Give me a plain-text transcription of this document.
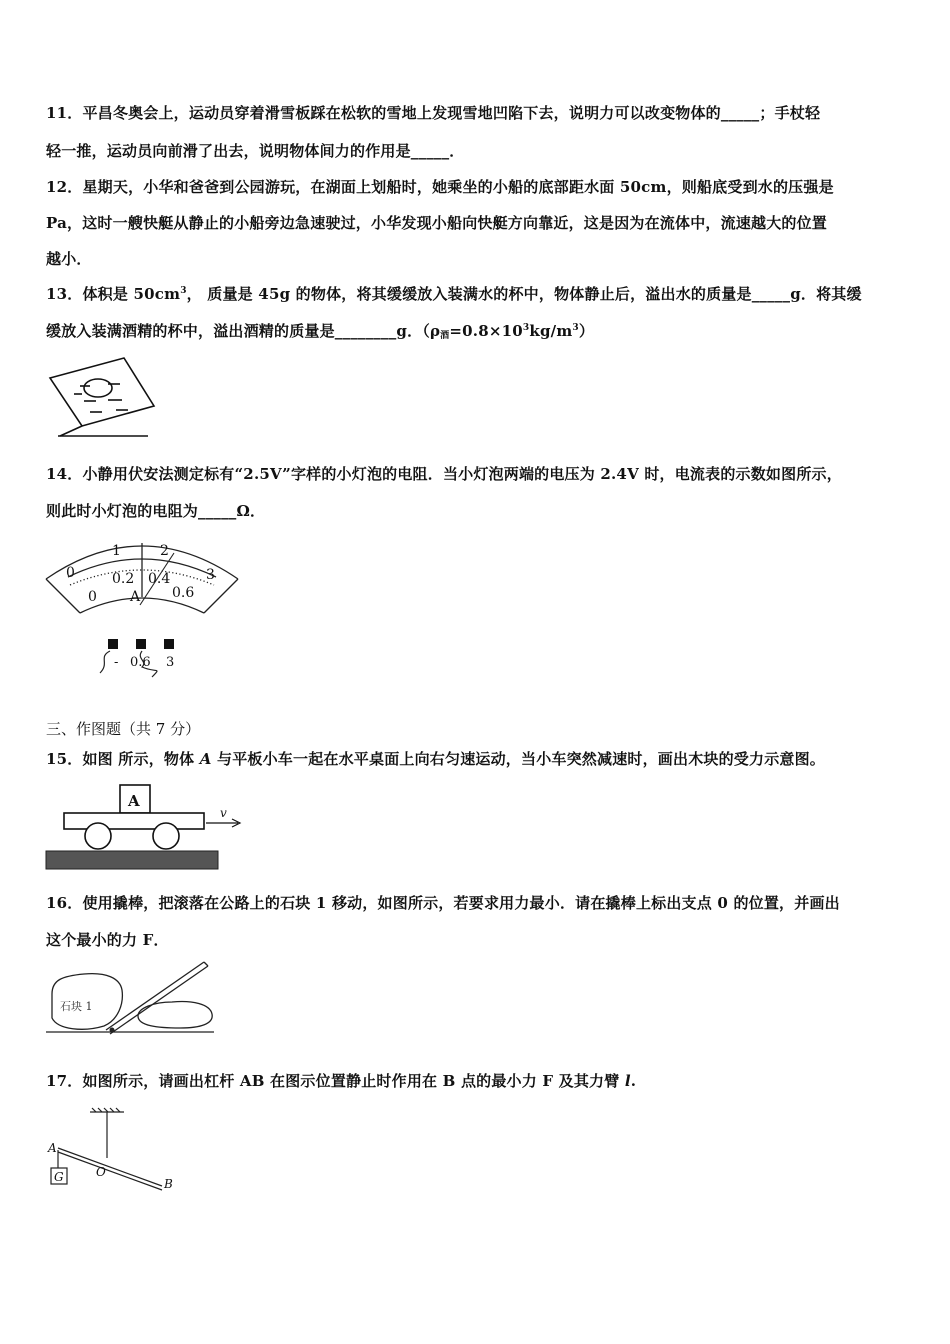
11．平昌冬奥会上，运动员穿着滑雪板踩在松软的雪地上发现雪地凹陷下去，说明力可以改变物体的_____；手杖轻
轻一推，运动员向前滑了出去，说明物体间力的作用是_____．
12．星期天，小华和爸爸到公园游玩，在湖面上划船时，她乘坐的小船的底部距水面 50cm，则船底受到水的压强是
Pa，这时一艘快艇从静止的小船旁边急速驶过，小华发现小船向快艇方向靠近，这是因为在流体中，流速越大的位置
越小．
13．体积是 $50cm^3$， 质量是 45g 的物体，将其缓缓放入装满水的杯中，物体静止后，溢出水的质量是_____g．将其缓
缓放入装满酒精的杯中，溢出酒精的质量是________g．$(\rho_酒=0.8\times 10^3kg/m^3)$
14．小静用伏安法测定标有“2.5V”字样的小灯泡的电阻．当小灯泡两端的电压为 2.4V 时，电流表的示数如图所示，
则此时小灯泡的电阻为_____Ω．
0
1	2
3
0
0.2 0.4
0.6
A
- 0.6 3
三、作图题（共 7 分）
15．如图 所示，物体 A 与平板小车一起在水平桌面上向右匀速运动，当小车突然减速时，画出木块的受力示意图。
A
v
16．使用撬棒，把滚落在公路上的石块 1 移动，如图所示，若要求用力最小．请在撬棒上标出支点 0 的位置，并画出
这个最小的力 F．
石块 1
17．如图所示，请画出杠杆 AB 在图示位置静止时作用在 B 点的最小力 F 及其力臂 l.
A
O
B
G
